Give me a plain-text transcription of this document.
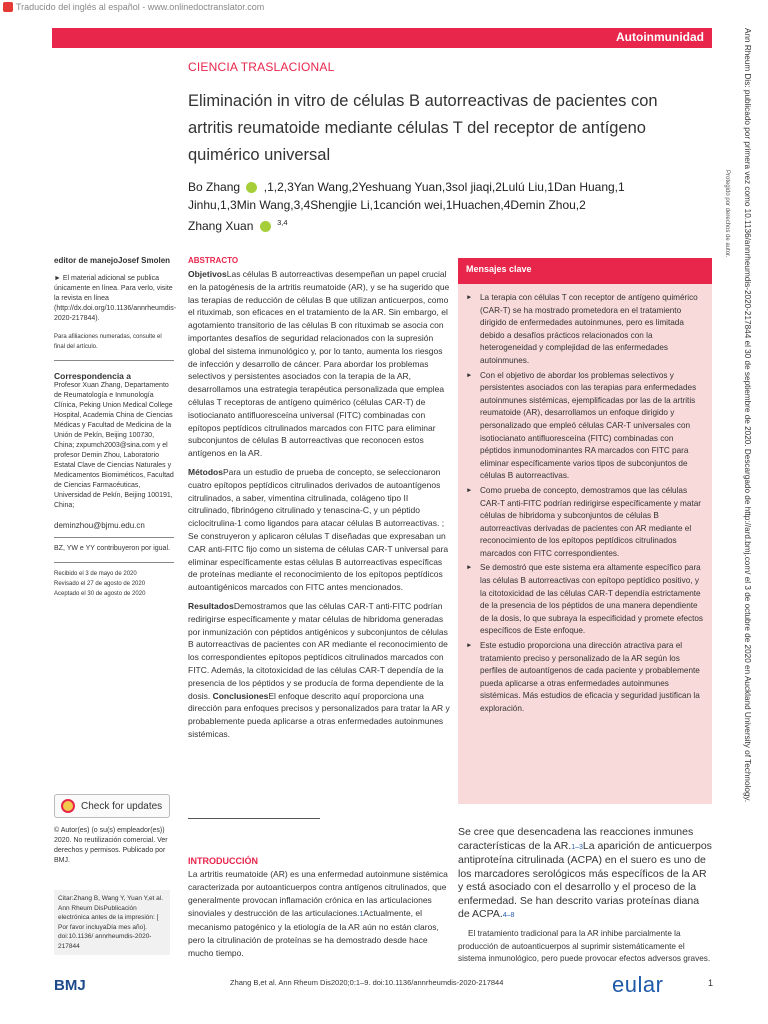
Traducido del inglés al español - www.onlinedoctranslator.com
Autoinmunidad
CIENCIA TRASLACIONAL
Eliminación in vitro de células B autorreactivas de pacientes con artritis reumatoide mediante células T del receptor de antígeno quimérico universal
Bo Zhang ,1,2,3Yan Wang,2Yeshuang Yuan,3sol jiaqi,2Lulú Liu,1Dan Huang,1
Jinhu,1,3Min Wang,3,4Shengjie Li,1canción wei,1Huachen,4Demin Zhou,2
Zhang Xuan	$^{3,4}$
editor de manejoJosef Smolen
► El material adicional se publica únicamente en línea. Para verlo, visite la revista en línea (http://dx.doi.org/10.1136/annrheumdis-2020-217844).
Para afiliaciones numeradas, consulte el final del artículo.
Correspondencia a
Profesor Xuan Zhang, Departamento de Reumatología e Inmunología Clínica, Peking Union Medical College Hospital, Academia China de Ciencias Médicas y Facultad de Medicina de la Unión de Pekín, Beijing 100730, China; zxpumch2003@sina.com y el profesor Demin Zhou, Laboratorio Estatal Clave de Ciencias Naturales y Medicamentos Biomiméticos, Facultad de Ciencias Farmacéuticas, Universidad de Pekín, Beijing 100191, China;
deminzhou@bjmu.edu.cn
BZ, YW e YY contribuyeron por igual.
Recibido el 3 de mayo de 2020
Revisado el 27 de agosto de 2020
Aceptado el 30 de agosto de 2020
Check for updates
© Autor(es) (o su(s) empleador(es)) 2020. No reutilización comercial. Ver derechos y permisos. Publicado por BMJ.
Citar:Zhang B, Wang Y, Yuan Y,et al. Ann Rheum DisPublicación electrónica antes de la impresión: [ Por favor incluyaDía mes año]. doi:10.1136/ annrheumdis-2020-217844
BMJ
ABSTRACTO

ObjetivosLas células B autorreactivas desempeñan un papel crucial en la patogénesis de la artritis reumatoide (AR), y se ha sugerido que las terapias de reducción de células B que utilizan anticuerpos, como el rituximab, son eficaces en el tratamiento de la AR. Sin embargo, el agotamiento transitorio de las células B con rituximab se asocia con importantes desafíos de seguridad relacionados con la supresión global del sistema inmunológico y, por lo tanto, aumenta los riesgos de infección y desarrollo de cáncer. Para abordar los problemas selectivos y persistentes asociados con la terapia de la AR, desarrollamos una estrategia terapéutica personalizada que emplea células T receptoras de antígeno quimérico (células CAR-T) de isotiocianato antifluoresceína universal (FITC) combinadas con epítopos peptídicos citrulinados marcados con FITC para eliminar subconjuntos de células B autorreactivas que reconocen estos antígenos en la AR.

MétodosPara un estudio de prueba de concepto, se seleccionaron cuatro epítopos peptídicos citrulinados derivados de autoantígenos citrulinados, a saber, vimentina citrulinada, colágeno tipo II citrulinado, fibrinógeno citrulinado y tenascina-C, y un péptido ciclocitrulina-1 como ligandos para atacar células B autorreactivas. ; Se construyeron y aplicaron células T diseñadas que expresaban un CAR anti-FITC fijo como un sistema de células CAR-T universal para eliminar específicamente estas células B autorreactivas específicas de proteínas mediante el reconocimiento de los epítopos peptídicos autoantigénicos marcados con FITC antes mencionados.

ResultadosDemostramos que las células CAR-T anti-FITC podrían redirigirse específicamente y matar células de hibridoma generadas por inmunización con péptidos antigénicos y subconjuntos de células B autorreactivas de pacientes con AR mediante el reconocimiento de los correspondientes epítopos peptídicos citrulinados marcados con FITC. Además, la citotoxicidad de las células CAR-T dependía de la presencia de los péptidos y se producía de forma dependiente de la dosis. ConclusionesEl enfoque descrito aquí proporciona una dirección para enfoques precisos y personalizados para tratar la AR y probablemente pueda aplicarse a otras enfermedades autoinmunes sistémicas.

Mensajes clave
► La terapia con células T con receptor de antígeno quimérico (CAR-T) se ha mostrado prometedora en el tratamiento dirigido de enfermedades autoinmunes, pero es limitada debido a desafíos prácticos relacionados con la heterogeneidad y complejidad de las enfermedades autoinmunes.
► Con el objetivo de abordar los problemas selectivos y persistentes asociados con las terapias para enfermedades autoinmunes sistémicas, ejemplificadas por las de la artritis reumatoide (AR), desarrollamos un enfoque dirigido y personalizado que empleó células CAR-T universales con isotiocianato antifluoresceína (FITC) combinadas con péptidos inmunodominantes RA marcados con FITC para eliminar específicamente varios tipos de subconjuntos de células B autorreactivas.
► Como prueba de concepto, demostramos que las células CAR-T anti-FITC podrían redirigirse específicamente y matar células de hibridoma y subconjuntos de células B autorreactivas derivadas de pacientes con AR mediante el reconocimiento de los epítopos peptídicos citrulinados marcados con FITC correspondientes.
► Se demostró que este sistema era altamente específico para las células B autorreactivas con epítopo peptídico positivo, y la citotoxicidad de las células CAR-T dependía estrictamente de la presencia de los péptidos de una manera dependiente de la dosis, lo que subraya la especificidad y promete efectos específicos de Este enfoque.
► Este estudio proporciona una dirección atractiva para el tratamiento preciso y personalizado de la AR según los perfiles de autoantígenos de cada paciente y probablemente pueda aplicarse a otras enfermedades autoinmunes sistémicas. Más estudios de eficacia y seguridad justifican la exploración.
INTRODUCCIÓN
La artritis reumatoide (AR) es una enfermedad autoinmune sistémica caracterizada por autoanticuerpos contra antígenos citrulinados, que generalmente provocan inflamación crónica en las articulaciones sinoviales y destrucción de las articulaciones.1Actualmente, el mecanismo patogénico y la etiología de la AR aún no están claros, pero la citrulinación de proteínas se ha demostrado desde hace mucho tiempo.
Se cree que desencadena las reacciones inmunes características de la AR.1–3La aparición de anticuerpos antiproteína citrulinada (ACPA) en el suero es uno de los marcadores serológicos más específicos de la AR y está asociado con el desarrollo y el proceso de la enfermedad. Se han descrito varias proteínas diana de ACPA.4–8
El tratamiento tradicional para la AR inhibe parcialmente la producción de autoanticuerpos al suprimir sistemáticamente el sistema inmunológico, pero puede provocar efectos adversos graves.
Zhang B,et al. Ann Rheum Dis2020;0:1–9. doi:10.1136/annrheumdis-2020-217844	eular	1
Ann Rheum Dis: publicado por primera vez como 10.1136/annrheumdis-2020-217844 el 30 de septiembre de 2020. Descargado de http://ard.bmj.com/ el 3 de octubre de 2020 en Auckland University of Technology.
Protegido por derechos de autor.
